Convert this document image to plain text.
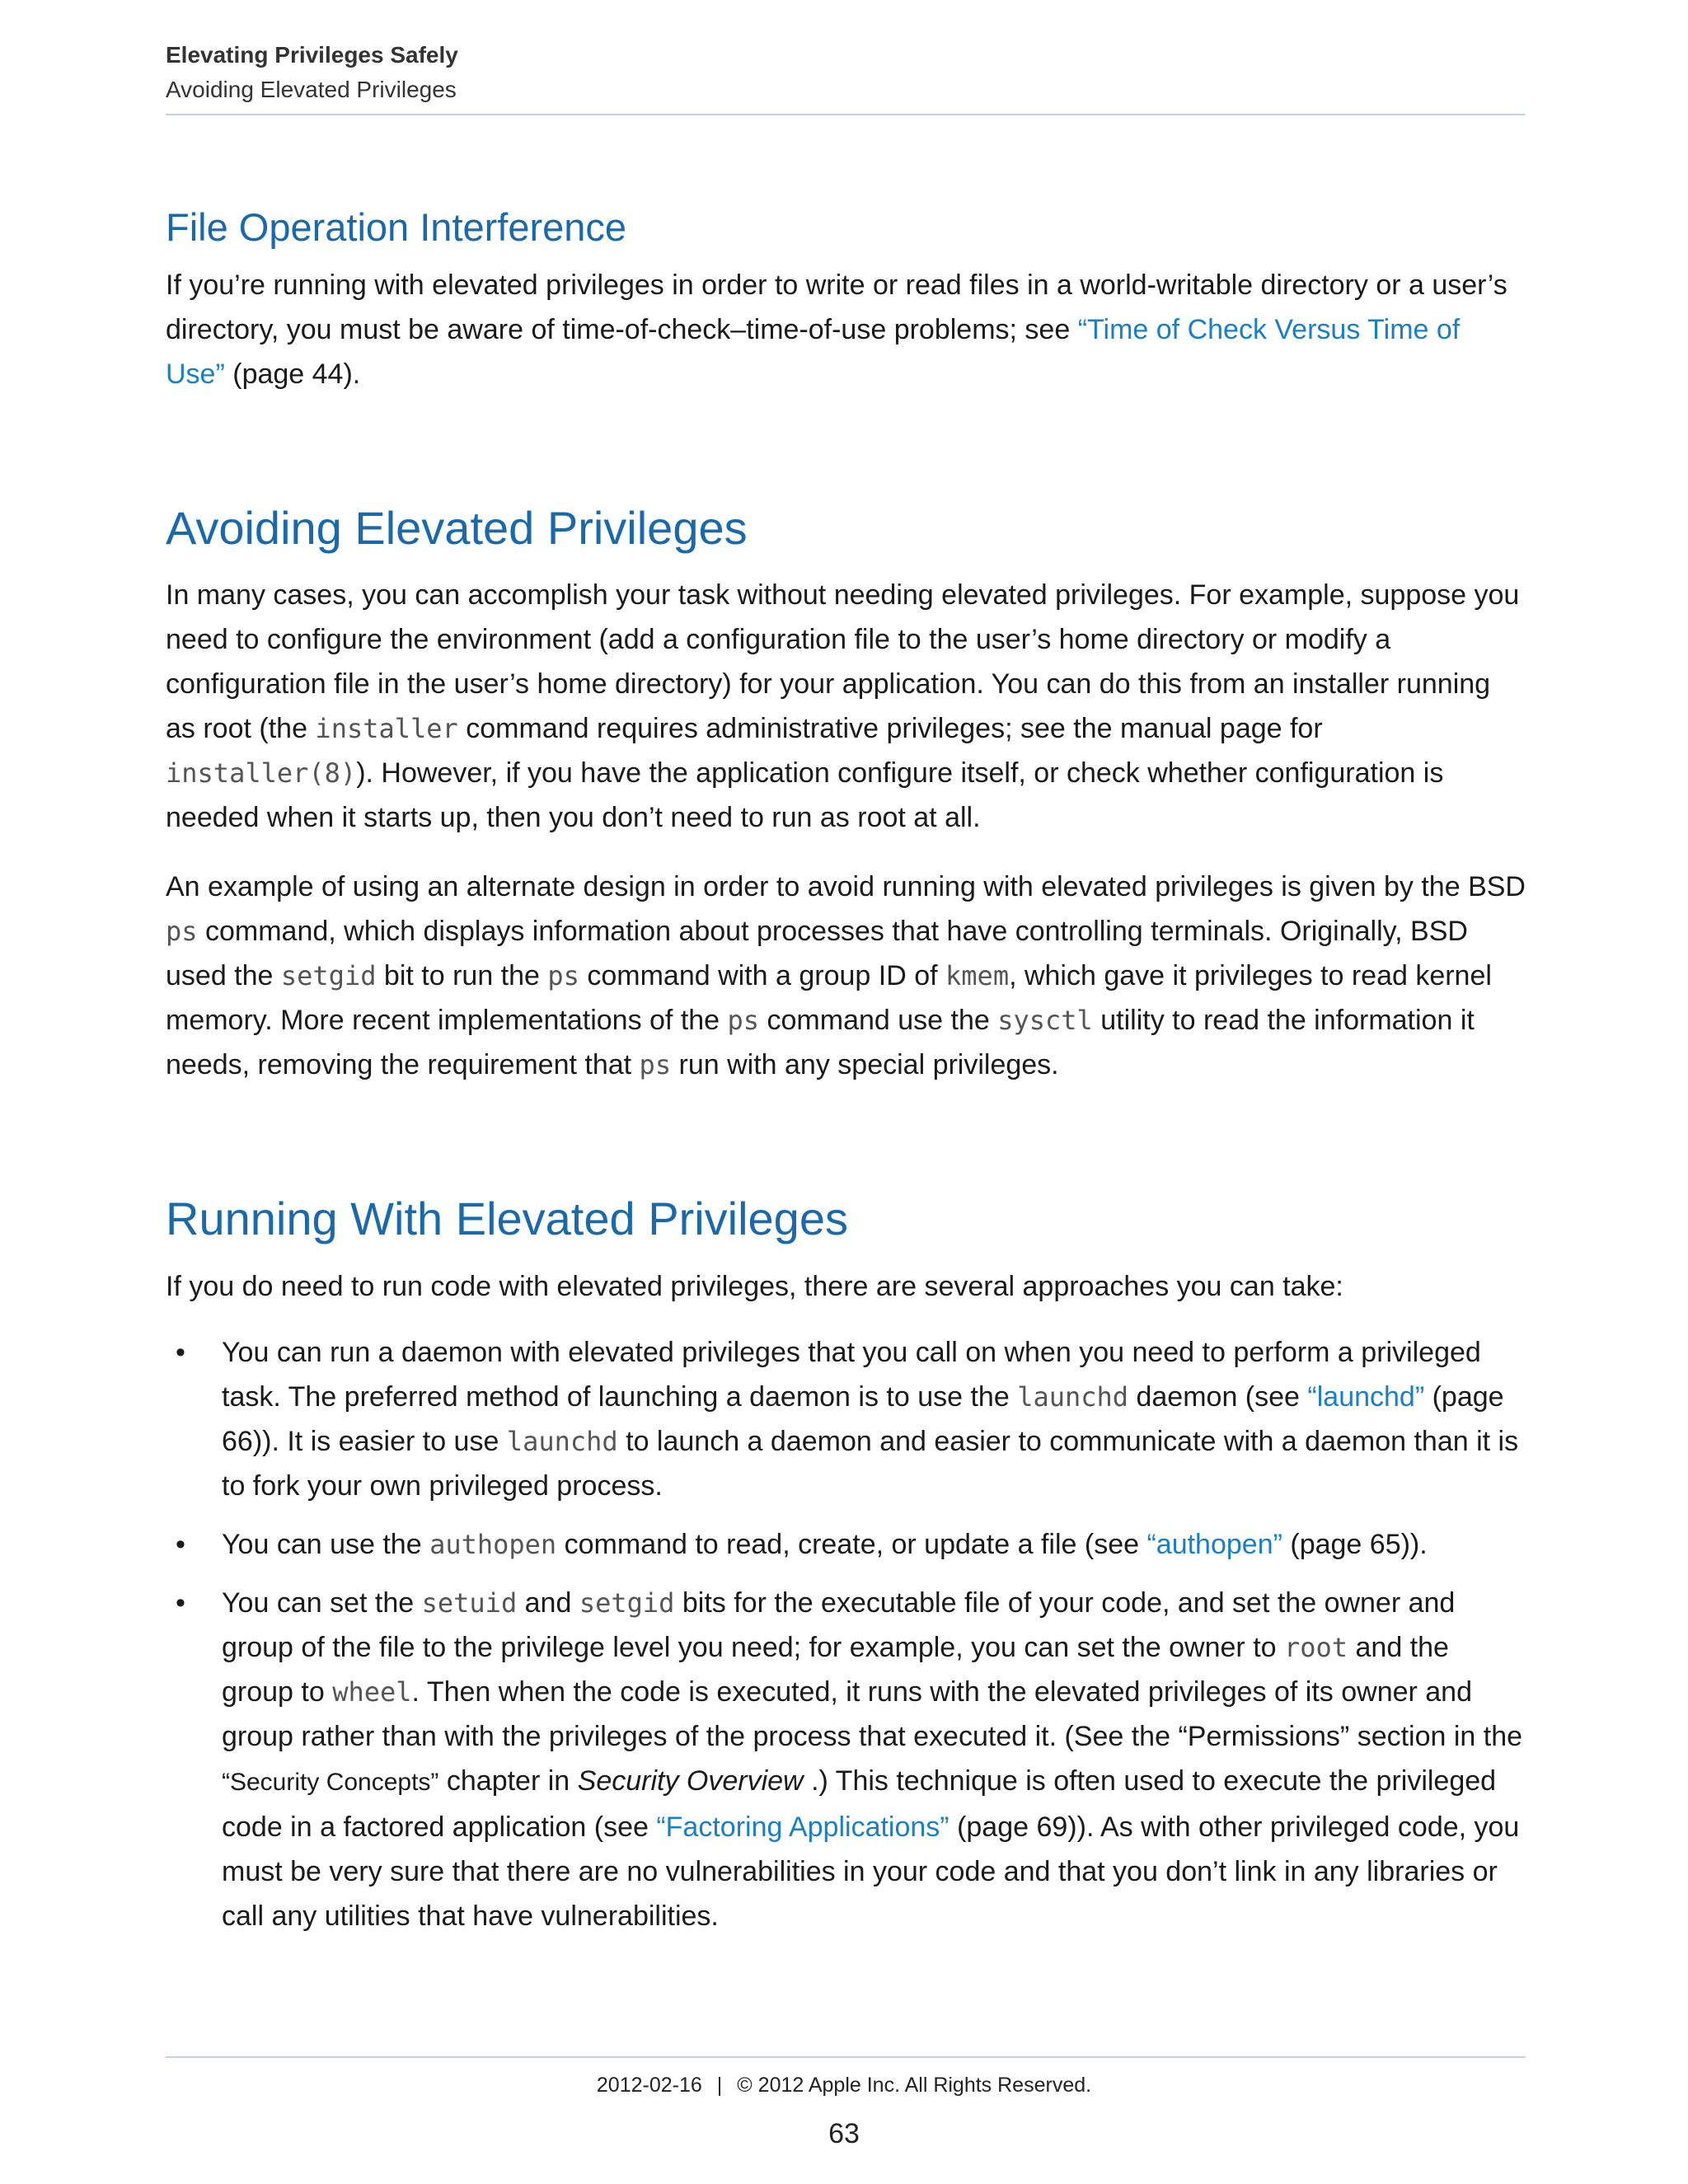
Elevating Privileges Safely
Avoiding Elevated Privileges
File Operation Interference

If you’re running with elevated privileges in order to write or read files in a world-writable directory or a user’s directory, you must be aware of time-of-check–time-of-use problems; see “Time of Check Versus Time of Use” (page 44).

Avoiding Elevated Privileges

In many cases, you can accomplish your task without needing elevated privileges. For example, suppose you need to configure the environment (add a configuration file to the user’s home directory or modify a configuration file in the user’s home directory) for your application. You can do this from an installer running as root (the installer command requires administrative privileges; see the manual page for installer(8)). However, if you have the application configure itself, or check whether configuration is needed when it starts up, then you don’t need to run as root at all.

An example of using an alternate design in order to avoid running with elevated privileges is given by the BSD ps command, which displays information about processes that have controlling terminals. Originally, BSD used the setgid bit to run the ps command with a group ID of kmem, which gave it privileges to read kernel memory. More recent implementations of the ps command use the sysctl utility to read the information it needs, removing the requirement that ps run with any special privileges.

Running With Elevated Privileges

If you do need to run code with elevated privileges, there are several approaches you can take:

• You can run a daemon with elevated privileges that you call on when you need to perform a privileged task. The preferred method of launching a daemon is to use the launchd daemon (see “launchd” (page 66)). It is easier to use launchd to launch a daemon and easier to communicate with a daemon than it is to fork your own privileged process.
• You can use the authopen command to read, create, or update a file (see “authopen” (page 65)).
• You can set the setuid and setgid bits for the executable file of your code, and set the owner and group of the file to the privilege level you need; for example, you can set the owner to root and the group to wheel. Then when the code is executed, it runs with the elevated privileges of its owner and group rather than with the privileges of the process that executed it. (See the “Permissions” section in the “Security Concepts” chapter in Security Overview .) This technique is often used to execute the privileged code in a factored application (see “Factoring Applications” (page 69)). As with other privileged code, you must be very sure that there are no vulnerabilities in your code and that you don’t link in any libraries or call any utilities that have vulnerabilities.
2012-02-16 | © 2012 Apple Inc. All Rights Reserved.
63
